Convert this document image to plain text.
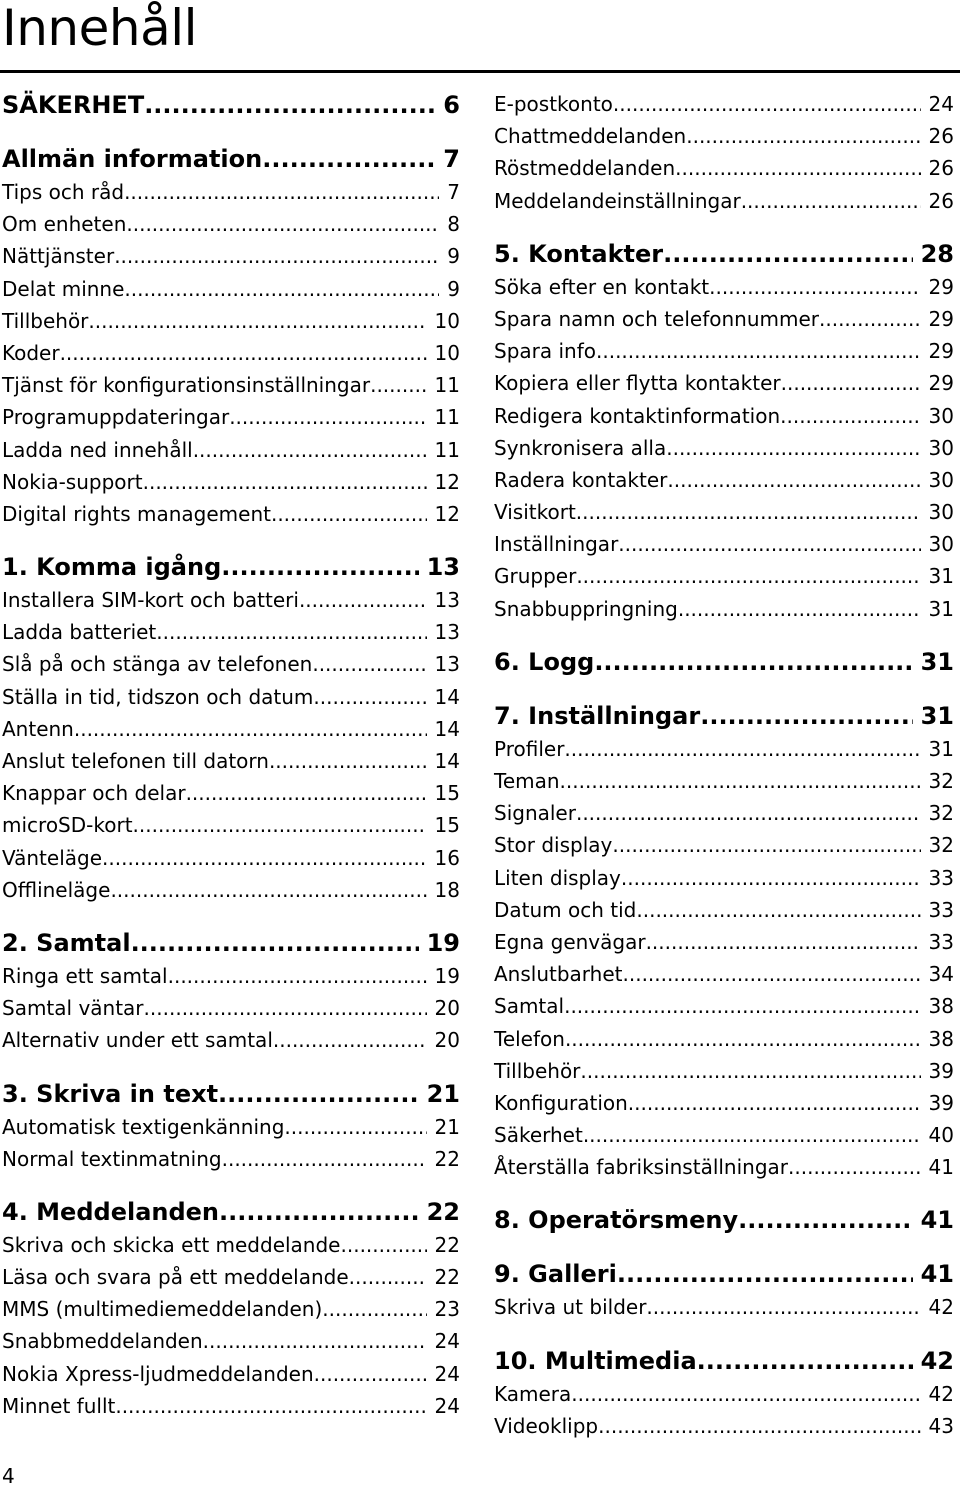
Innehåll
SÄKERHET .....	6
Allmän information .....	7
Tips och råd .....	7
Om enheten .....	8
Nättjänster .....	9
Delat minne .....	9
Tillbehör .....	10
Koder .....	10
Tjänst för konfigurationsinställningar .....	11
Programuppdateringar .....	11
Ladda ned innehåll .....	11
Nokia-support .....	12
Digital rights management .....	12
1. Komma igång .....	13
Installera SIM-kort och batteri .....	13
Ladda batteriet .....	13
Slå på och stänga av telefonen .....	13
Ställa in tid, tidszon och datum .....	14
Antenn .....	14
Anslut telefonen till datorn .....	14
Knappar och delar .....	15
microSD-kort .....	15
Vänteläge .....	16
Offlineläge .....	18
2. Samtal .....	19
Ringa ett samtal .....	19
Samtal väntar .....	20
Alternativ under ett samtal .....	20
3. Skriva in text .....	21
Automatisk textigenkänning .....	21
Normal textinmatning .....	22
4. Meddelanden .....	22
Skriva och skicka ett meddelande .....	22
Läsa och svara på ett meddelande .....	22
MMS (multimediemeddelanden) .....	23
Snabbmeddelanden .....	24
Nokia Xpress-ljudmeddelanden .....	24
Minnet fullt .....	24
E-postkonto .....	24
Chattmeddelanden .....	26
Röstmeddelanden .....	26
Meddelandeinställningar .....	26
5. Kontakter .....	28
Söka efter en kontakt .....	29
Spara namn och telefonnummer .....	29
Spara info .....	29
Kopiera eller flytta kontakter .....	29
Redigera kontaktinformation .....	30
Synkronisera alla .....	30
Radera kontakter .....	30
Visitkort .....	30
Inställningar .....	30
Grupper .....	31
Snabbuppringning .....	31
6. Logg .....	31
7. Inställningar .....	31
Profiler .....	31
Teman .....	32
Signaler .....	32
Stor display .....	32
Liten display .....	33
Datum och tid .....	33
Egna genvägar .....	33
Anslutbarhet .....	34
Samtal .....	38
Telefon .....	38
Tillbehör .....	39
Konfiguration .....	39
Säkerhet .....	40
Återställa fabriksinställningar .....	41
8. Operatörsmeny .....	41
9. Galleri .....	41
Skriva ut bilder .....	42
10. Multimedia .....	42
Kamera .....	42
Videoklipp .....	43
4
